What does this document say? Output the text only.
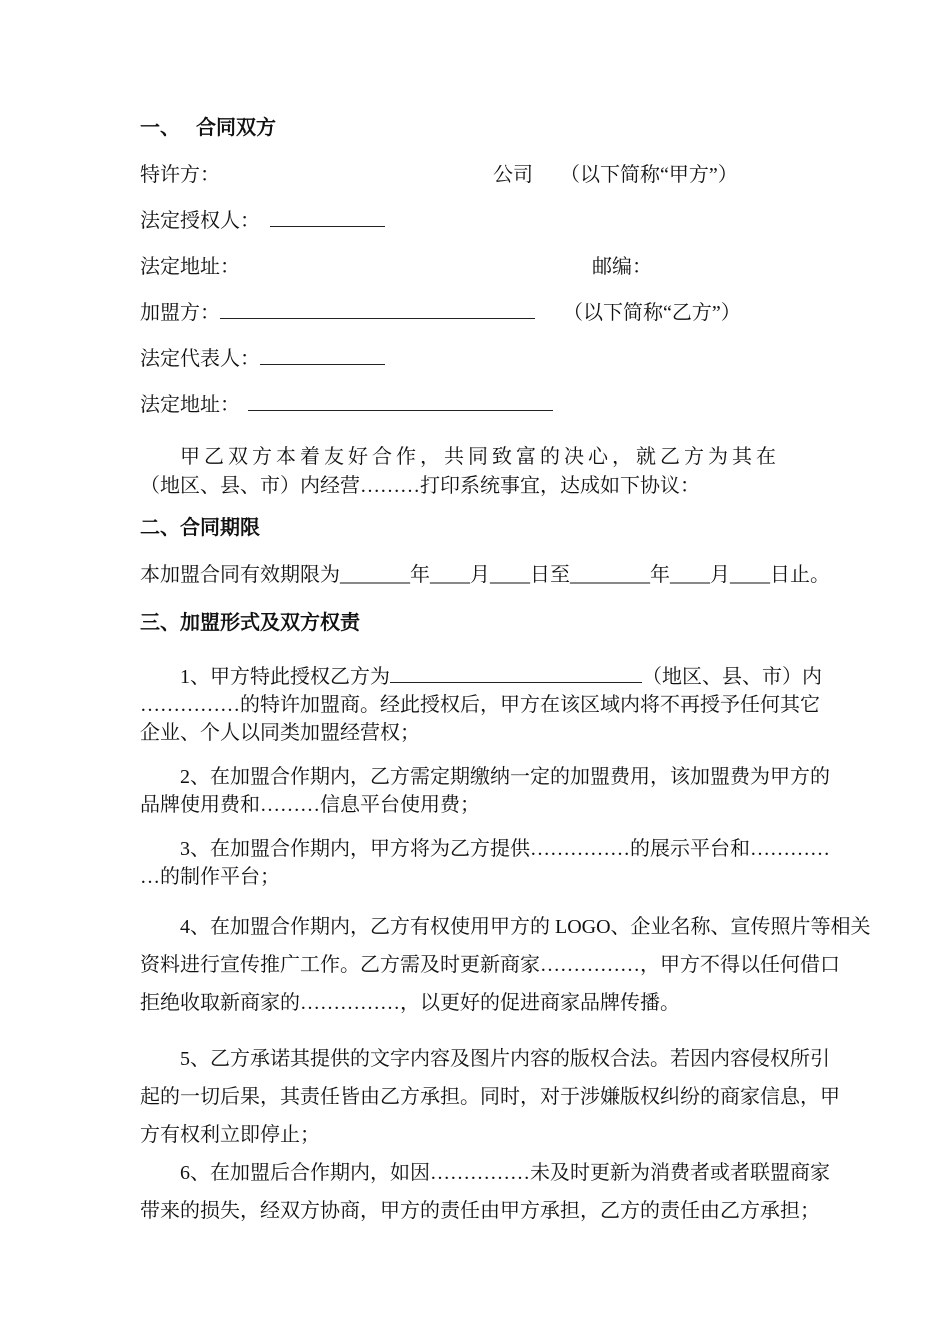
一、 合同双方
特许方：	公司 （以下简称“甲方”）
法定授权人：
法定地址：	邮编：
加盟方：	（以下简称“乙方”）
法定代表人：
法定地址：
甲乙双方本着友好合作，共同致富的决心，就乙方为其在
（地区、县、市）内经营………打印系统事宜，达成如下协议：
二、合同期限
本加盟合同有效期限为_______年____月____日至________年____月____日止。
三、加盟形式及双方权责
1、甲方特此授权乙方为	（地区、县、市）内
……………的特许加盟商。经此授权后，甲方在该区域内将不再授予任何其它
企业、个人以同类加盟经营权；
2、在加盟合作期内，乙方需定期缴纳一定的加盟费用，该加盟费为甲方的
品牌使用费和………信息平台使用费；
3、在加盟合作期内，甲方将为乙方提供……………的展示平台和…………
…的制作平台；
4、在加盟合作期内，乙方有权使用甲方的 LOGO、企业名称、宣传照片等相关
资料进行宣传推广工作。乙方需及时更新商家……………，甲方不得以任何借口
拒绝收取新商家的……………，以更好的促进商家品牌传播。
5、乙方承诺其提供的文字内容及图片内容的版权合法。若因内容侵权所引
起的一切后果，其责任皆由乙方承担。同时，对于涉嫌版权纠纷的商家信息，甲
方有权利立即停止；
6、在加盟后合作期内，如因……………未及时更新为消费者或者联盟商家
带来的损失，经双方协商，甲方的责任由甲方承担，乙方的责任由乙方承担；
